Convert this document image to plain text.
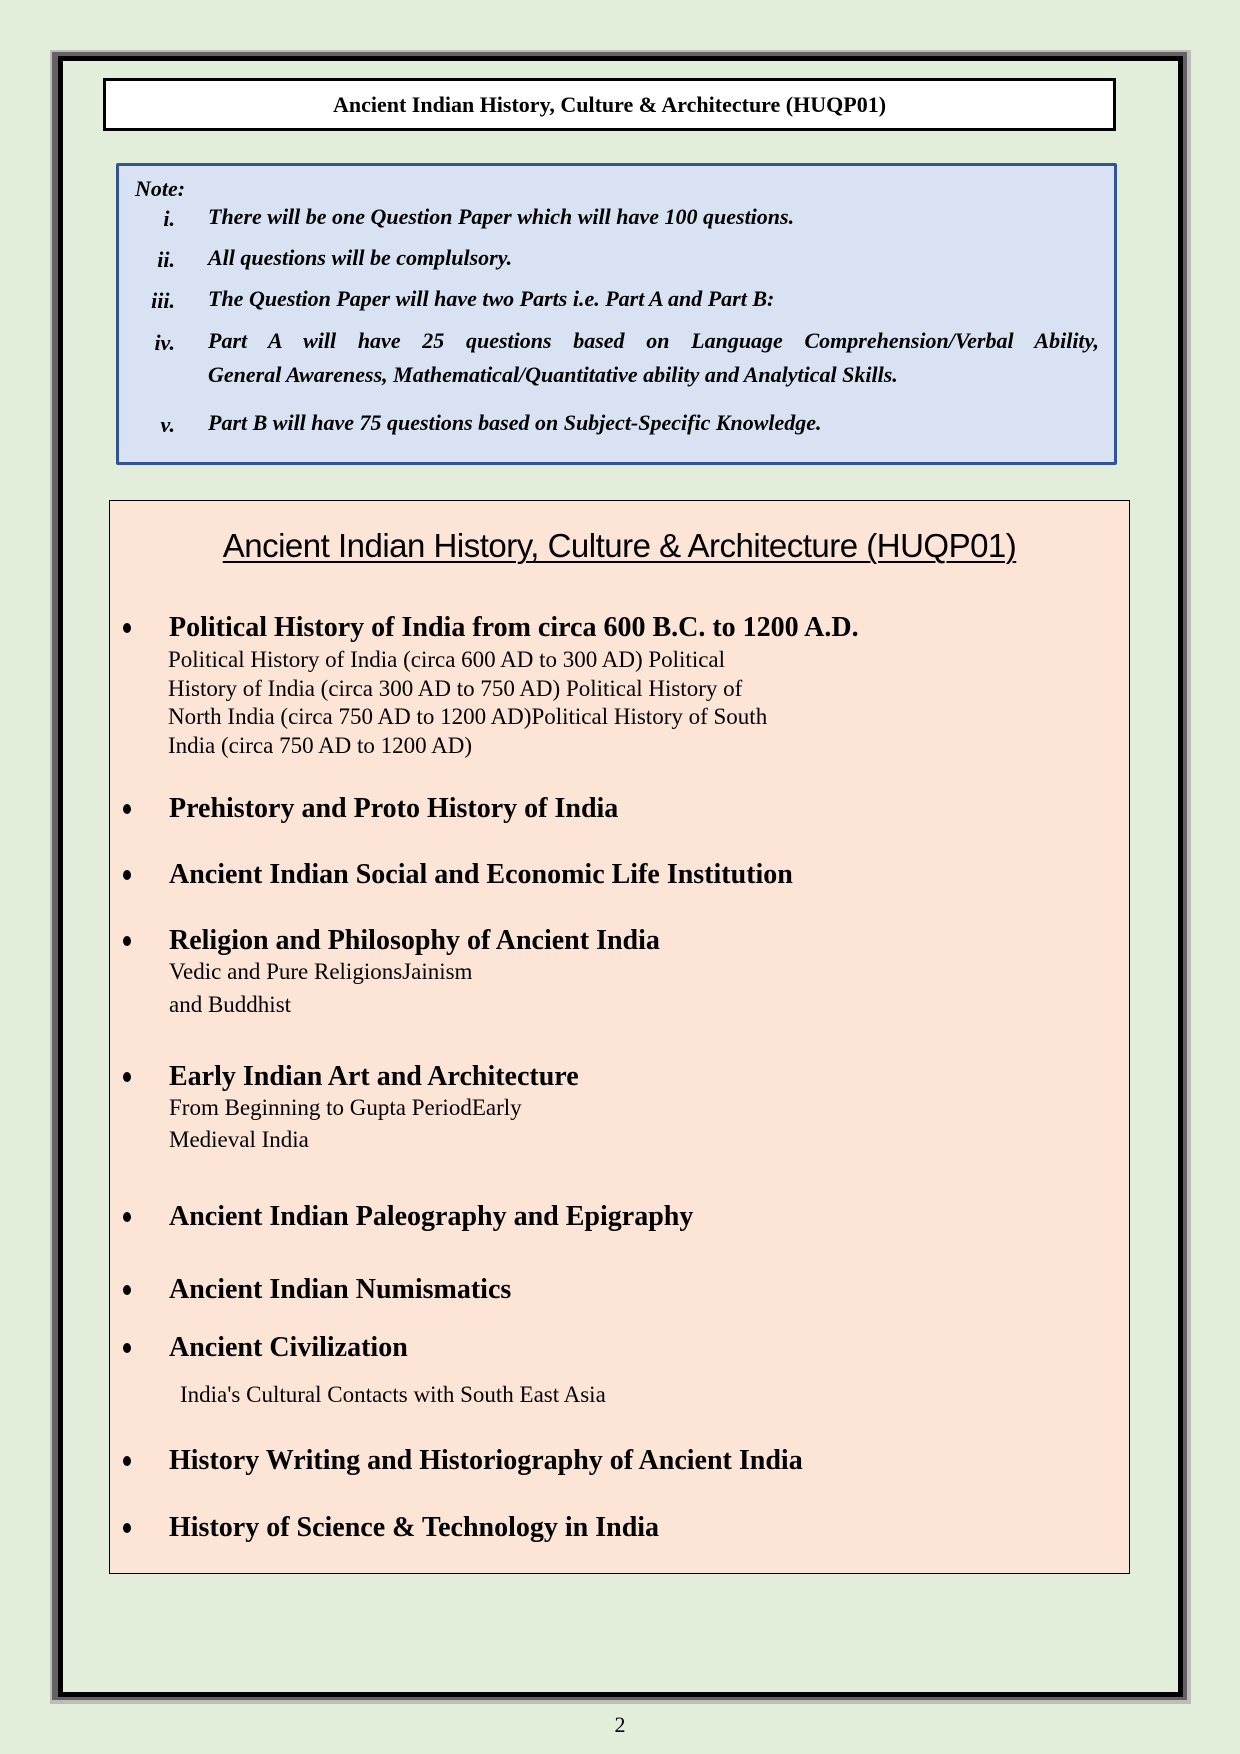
Ancient Indian History, Culture & Architecture (HUQP01)
Note:
i. There will be one Question Paper which will have 100 questions.
ii. All questions will be complulsory.
iii. The Question Paper will have two Parts i.e. Part A and Part B:
iv. Part A will have 25 questions based on Language Comprehension/Verbal Ability,
General Awareness, Mathematical/Quantitative ability and Analytical Skills.
v. Part B will have 75 questions based on Subject-Specific Knowledge.
Ancient Indian History, Culture & Architecture (HUQP01)
Political History of India from circa 600 B.C. to 1200 A.D.
Political History of India (circa 600 AD to 300 AD) Political
History of India (circa 300 AD to 750 AD) Political History of
North India (circa 750 AD to 1200 AD)Political History of South
India (circa 750 AD to 1200 AD)
Prehistory and Proto History of India
Ancient Indian Social and Economic Life Institution
Religion and Philosophy of Ancient India
Vedic and Pure ReligionsJainism
and Buddhist
Early Indian Art and Architecture
From Beginning to Gupta PeriodEarly
Medieval India
Ancient Indian Paleography and Epigraphy
Ancient Indian Numismatics
Ancient Civilization
India's Cultural Contacts with South East Asia
History Writing and Historiography of Ancient India
History of Science & Technology in India
2
